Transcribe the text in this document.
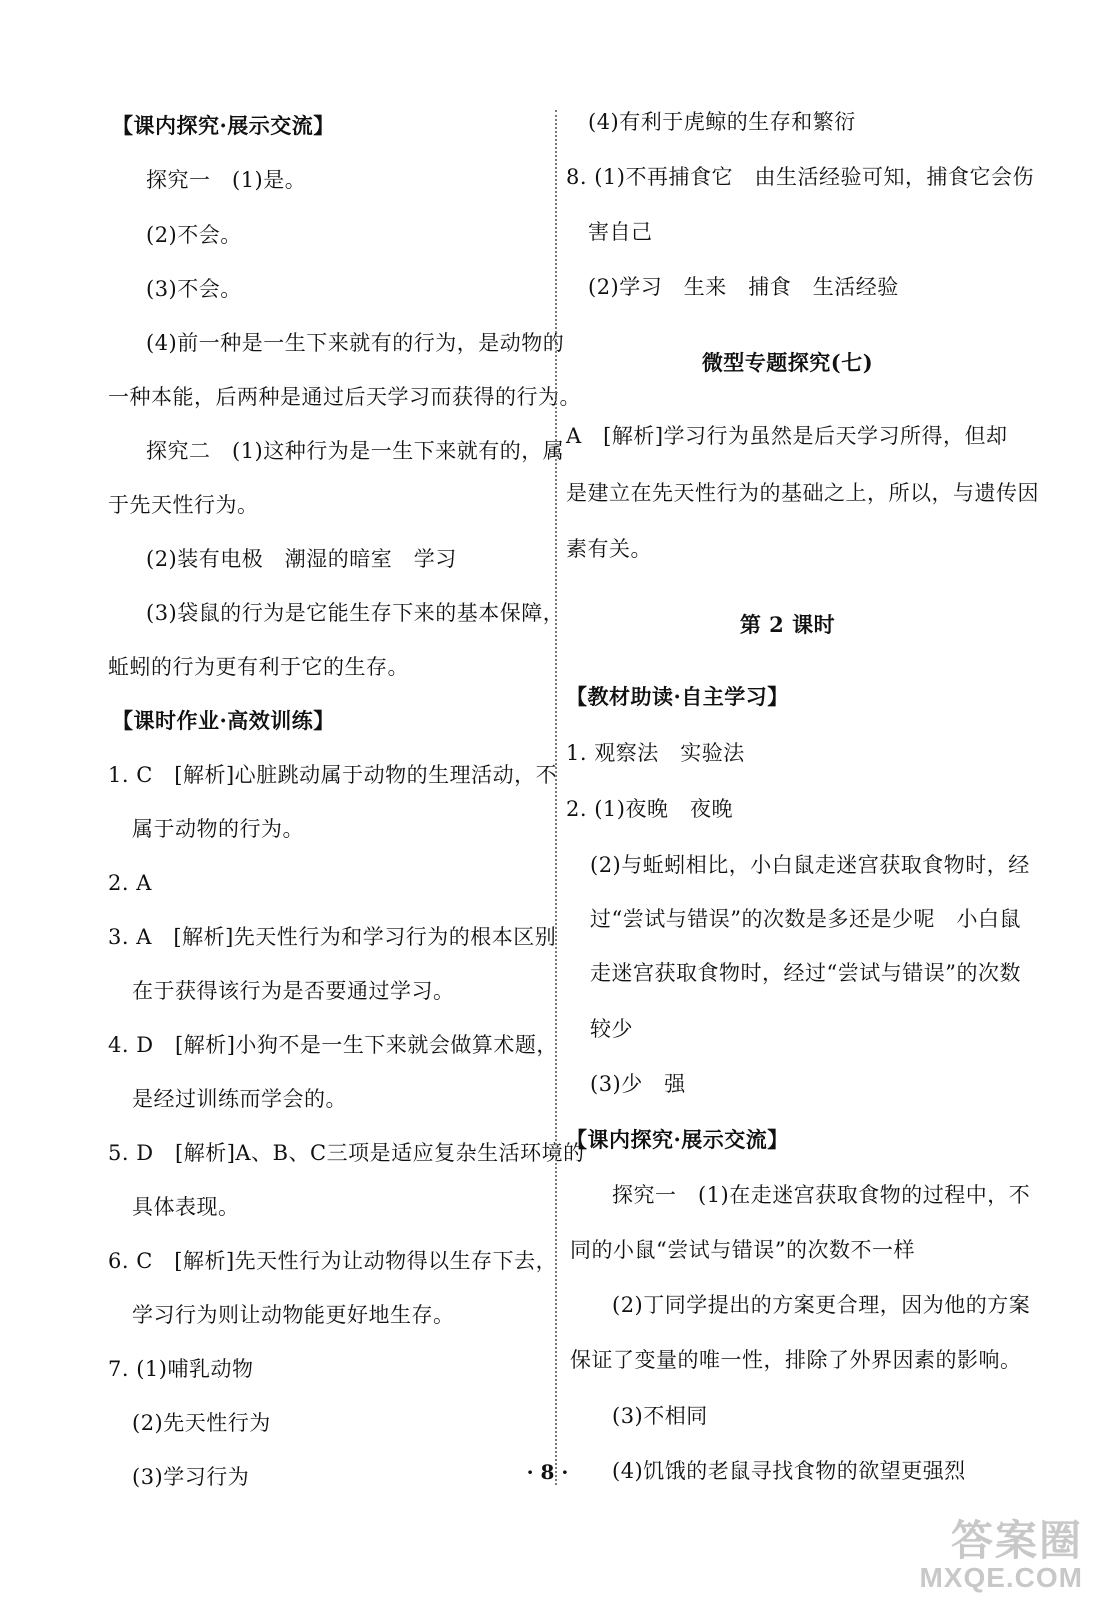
【课内探究·展示交流】
探究一　(1)是。
(2)不会。
(3)不会。
(4)前一种是一生下来就有的行为，是动物的
一种本能，后两种是通过后天学习而获得的行为。
探究二　(1)这种行为是一生下来就有的，属
于先天性行为。
(2)装有电极　潮湿的暗室　学习
(3)袋鼠的行为是它能生存下来的基本保障，
蚯蚓的行为更有利于它的生存。
【课时作业·高效训练】
1. C　[解析]心脏跳动属于动物的生理活动，不
属于动物的行为。
2. A
3. A　[解析]先天性行为和学习行为的根本区别
在于获得该行为是否要通过学习。
4. D　[解析]小狗不是一生下来就会做算术题，
是经过训练而学会的。
5. D　[解析]A、B、C三项是适应复杂生活环境的
具体表现。
6. C　[解析]先天性行为让动物得以生存下去，
学习行为则让动物能更好地生存。
7. (1)哺乳动物
(2)先天性行为
(3)学习行为
(4)有利于虎鲸的生存和繁衍
8. (1)不再捕食它　由生活经验可知，捕食它会伤
害自己
(2)学习　生来　捕食　生活经验
微型专题探究(七)
A　[解析]学习行为虽然是后天学习所得，但却
是建立在先天性行为的基础之上，所以，与遗传因
素有关。
第 2 课时
【教材助读·自主学习】
1. 观察法　实验法
2. (1)夜晚　夜晚
(2)与蚯蚓相比，小白鼠走迷宫获取食物时，经
过“尝试与错误”的次数是多还是少呢　小白鼠
走迷宫获取食物时，经过“尝试与错误”的次数
较少
(3)少　强
【课内探究·展示交流】
探究一　(1)在走迷宫获取食物的过程中，不
同的小鼠“尝试与错误”的次数不一样
(2)丁同学提出的方案更合理，因为他的方案
保证了变量的唯一性，排除了外界因素的影响。
(3)不相同
(4)饥饿的老鼠寻找食物的欲望更强烈
· 8 ·
答案圈
MXQE.COM
